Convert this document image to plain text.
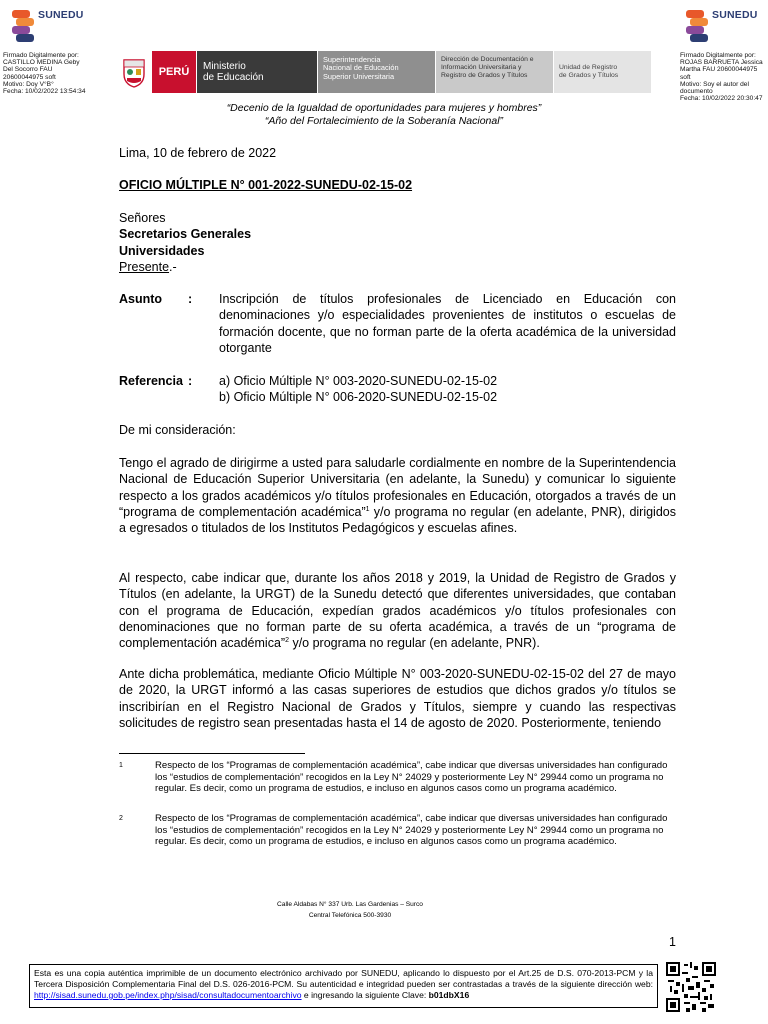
SUNEDU	SUNEDU
Firmado Digitalmente por:
CASTILLO MEDINA Geby
Del Socorro FAU
20600044975 soft
Motivo: Doy V°B°
Fecha: 10/02/2022 13:54:34
Firmado Digitalmente por:
ROJAS BARRUETA Jessica
Martha FAU 20600044975 soft
Motivo: Soy el autor del
documento
Fecha: 10/02/2022 20:30:47
PERÚ	Ministerio
de Educación
Superintendencia
Nacional de Educación
Superior Universitaria
Dirección de Documentación e
Información Universitaria y
Registro de Grados y Títulos
Unidad de Registro
de Grados y Títulos
“Decenio de la Igualdad de oportunidades para mujeres y hombres”
“Año del Fortalecimiento de la Soberanía Nacional”
Lima, 10 de febrero de 2022
OFICIO MÚLTIPLE N° 001-2022-SUNEDU-02-15-02
Señores
Secretarios Generales
Universidades
Presente.-
Asunto : Inscripción de títulos profesionales de Licenciado en Educación con denominaciones y/o especialidades provenientes de institutos o escuelas de formación docente, que no forman parte de la oferta académica de la universidad otorgante
Referencia : a) Oficio Múltiple N° 003-2020-SUNEDU-02-15-02
b) Oficio Múltiple N° 006-2020-SUNEDU-02-15-02
De mi consideración:
Tengo el agrado de dirigirme a usted para saludarle cordialmente en nombre de la Superintendencia Nacional de Educación Superior Universitaria (en adelante, la Sunedu) y comunicar lo siguiente respecto a los grados académicos y/o títulos profesionales en Educación, otorgados a través de un “programa de complementación académica”$^1$ y/o programa no regular (en adelante, PNR), dirigidos a egresados o titulados de los Institutos Pedagógicos y escuelas afines.
Al respecto, cabe indicar que, durante los años 2018 y 2019, la Unidad de Registro de Grados y Títulos (en adelante, la URGT) de la Sunedu detectó que diferentes universidades, que contaban con el programa de Educación, expedían grados académicos y/o títulos profesionales con denominaciones que no forman parte de su oferta académica, a través de un “programa de complementación académica”$^2$ y/o programa no regular (en adelante, PNR).
Ante dicha problemática, mediante Oficio Múltiple N° 003-2020-SUNEDU-02-15-02 del 27 de mayo de 2020, la URGT informó a las casas superiores de estudios que dichos grados y/o títulos se inscribirían en el Registro Nacional de Grados y Títulos, siempre y cuando las respectivas solicitudes de registro sean presentadas hasta el 14 de agosto de 2020. Posteriormente, teniendo
1	Respecto de los “Programas de complementación académica”, cabe indicar que diversas universidades han configurado los “estudios de complementación” recogidos en la Ley N° 24029 y posteriormente Ley N° 29944 como un programa no regular. Es decir, como un programa de estudios, e incluso en algunos casos como un programa académico.
2	Respecto de los “Programas de complementación académica”, cabe indicar que diversas universidades han configurado los “estudios de complementación” recogidos en la Ley N° 24029 y posteriormente Ley N° 29944 como un programa no regular. Es decir, como un programa de estudios, e incluso en algunos casos como un programa académico.
Calle Aldabas N° 337 Urb. Las Gardenias – Surco
Central Telefónica 500-3930
1
Esta es una copia auténtica imprimible de un documento electrónico archivado por SUNEDU, aplicando lo dispuesto por el Art.25 de D.S. 070-2013-PCM y la Tercera Disposición Complementaria Final del D.S. 026-2016-PCM. Su autenticidad e integridad pueden ser contrastadas a través de la siguiente dirección web: http://sisad.sunedu.gob.pe/index.php/sisad/consultadocumentoarchivo e ingresando la siguiente Clave: b01dbX16
